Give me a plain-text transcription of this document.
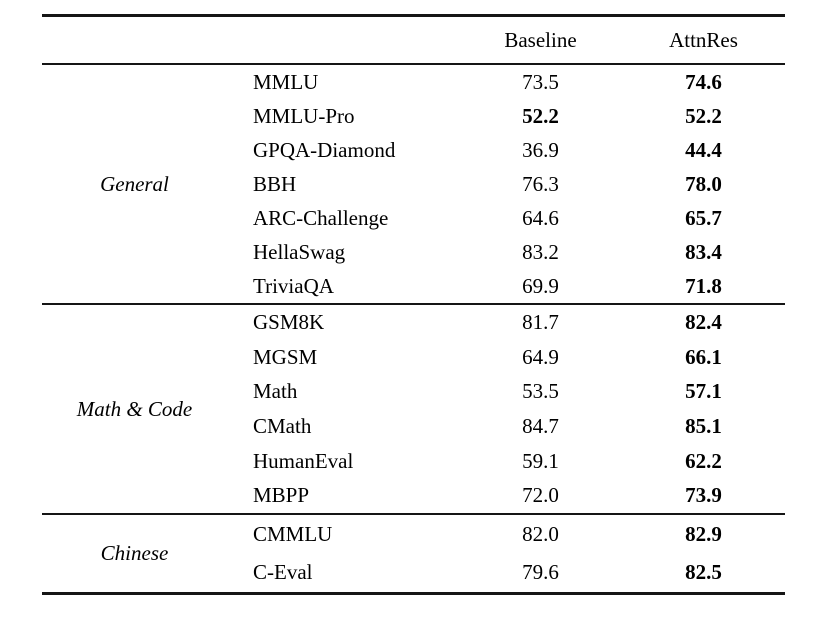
Baseline	AttnRes
General
MMLU	73.5	74.6
MMLU-Pro	52.2	52.2
GPQA-Diamond	36.9	44.4
BBH	76.3	78.0
ARC-Challenge	64.6	65.7
HellaSwag	83.2	83.4
TriviaQA	69.9	71.8
Math & Code
GSM8K	81.7	82.4
MGSM	64.9	66.1
Math	53.5	57.1
CMath	84.7	85.1
HumanEval	59.1	62.2
MBPP	72.0	73.9
Chinese
CMMLU	82.0	82.9
C-Eval	79.6	82.5
